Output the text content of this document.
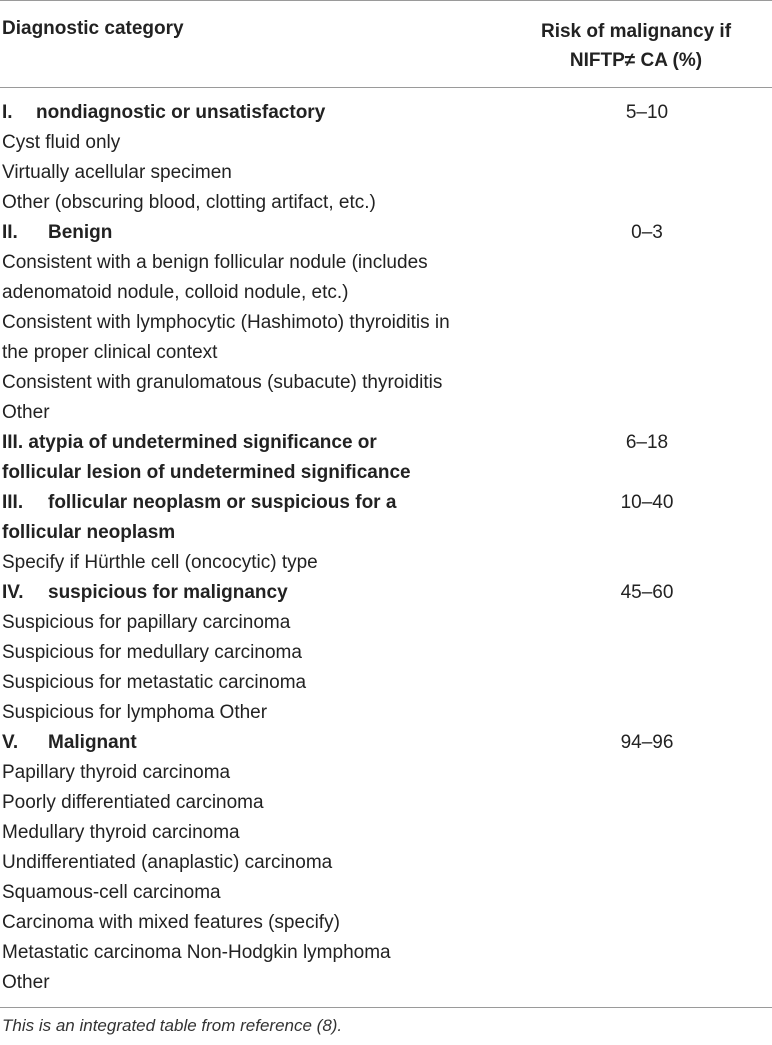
Diagnostic category	Risk of malignancy if
NIFTP≠ CA (%)
I. nondiagnostic or unsatisfactory	5–10
Cyst fluid only
Virtually acellular specimen
Other (obscuring blood, clotting artifact, etc.)
II. Benign	0–3
Consistent with a benign follicular nodule (includes
adenomatoid nodule, colloid nodule, etc.)
Consistent with lymphocytic (Hashimoto) thyroiditis in
the proper clinical context
Consistent with granulomatous (subacute) thyroiditis
Other
III. atypia of undetermined significance or	6–18
follicular lesion of undetermined significance
III. follicular neoplasm or suspicious for a	10–40
follicular neoplasm
Specify if Hürthle cell (oncocytic) type
IV. suspicious for malignancy	45–60
Suspicious for papillary carcinoma
Suspicious for medullary carcinoma
Suspicious for metastatic carcinoma
Suspicious for lymphoma Other
V. Malignant	94–96
Papillary thyroid carcinoma
Poorly differentiated carcinoma
Medullary thyroid carcinoma
Undifferentiated (anaplastic) carcinoma
Squamous-cell carcinoma
Carcinoma with mixed features (specify)
Metastatic carcinoma Non-Hodgkin lymphoma
Other
This is an integrated table from reference (8).
